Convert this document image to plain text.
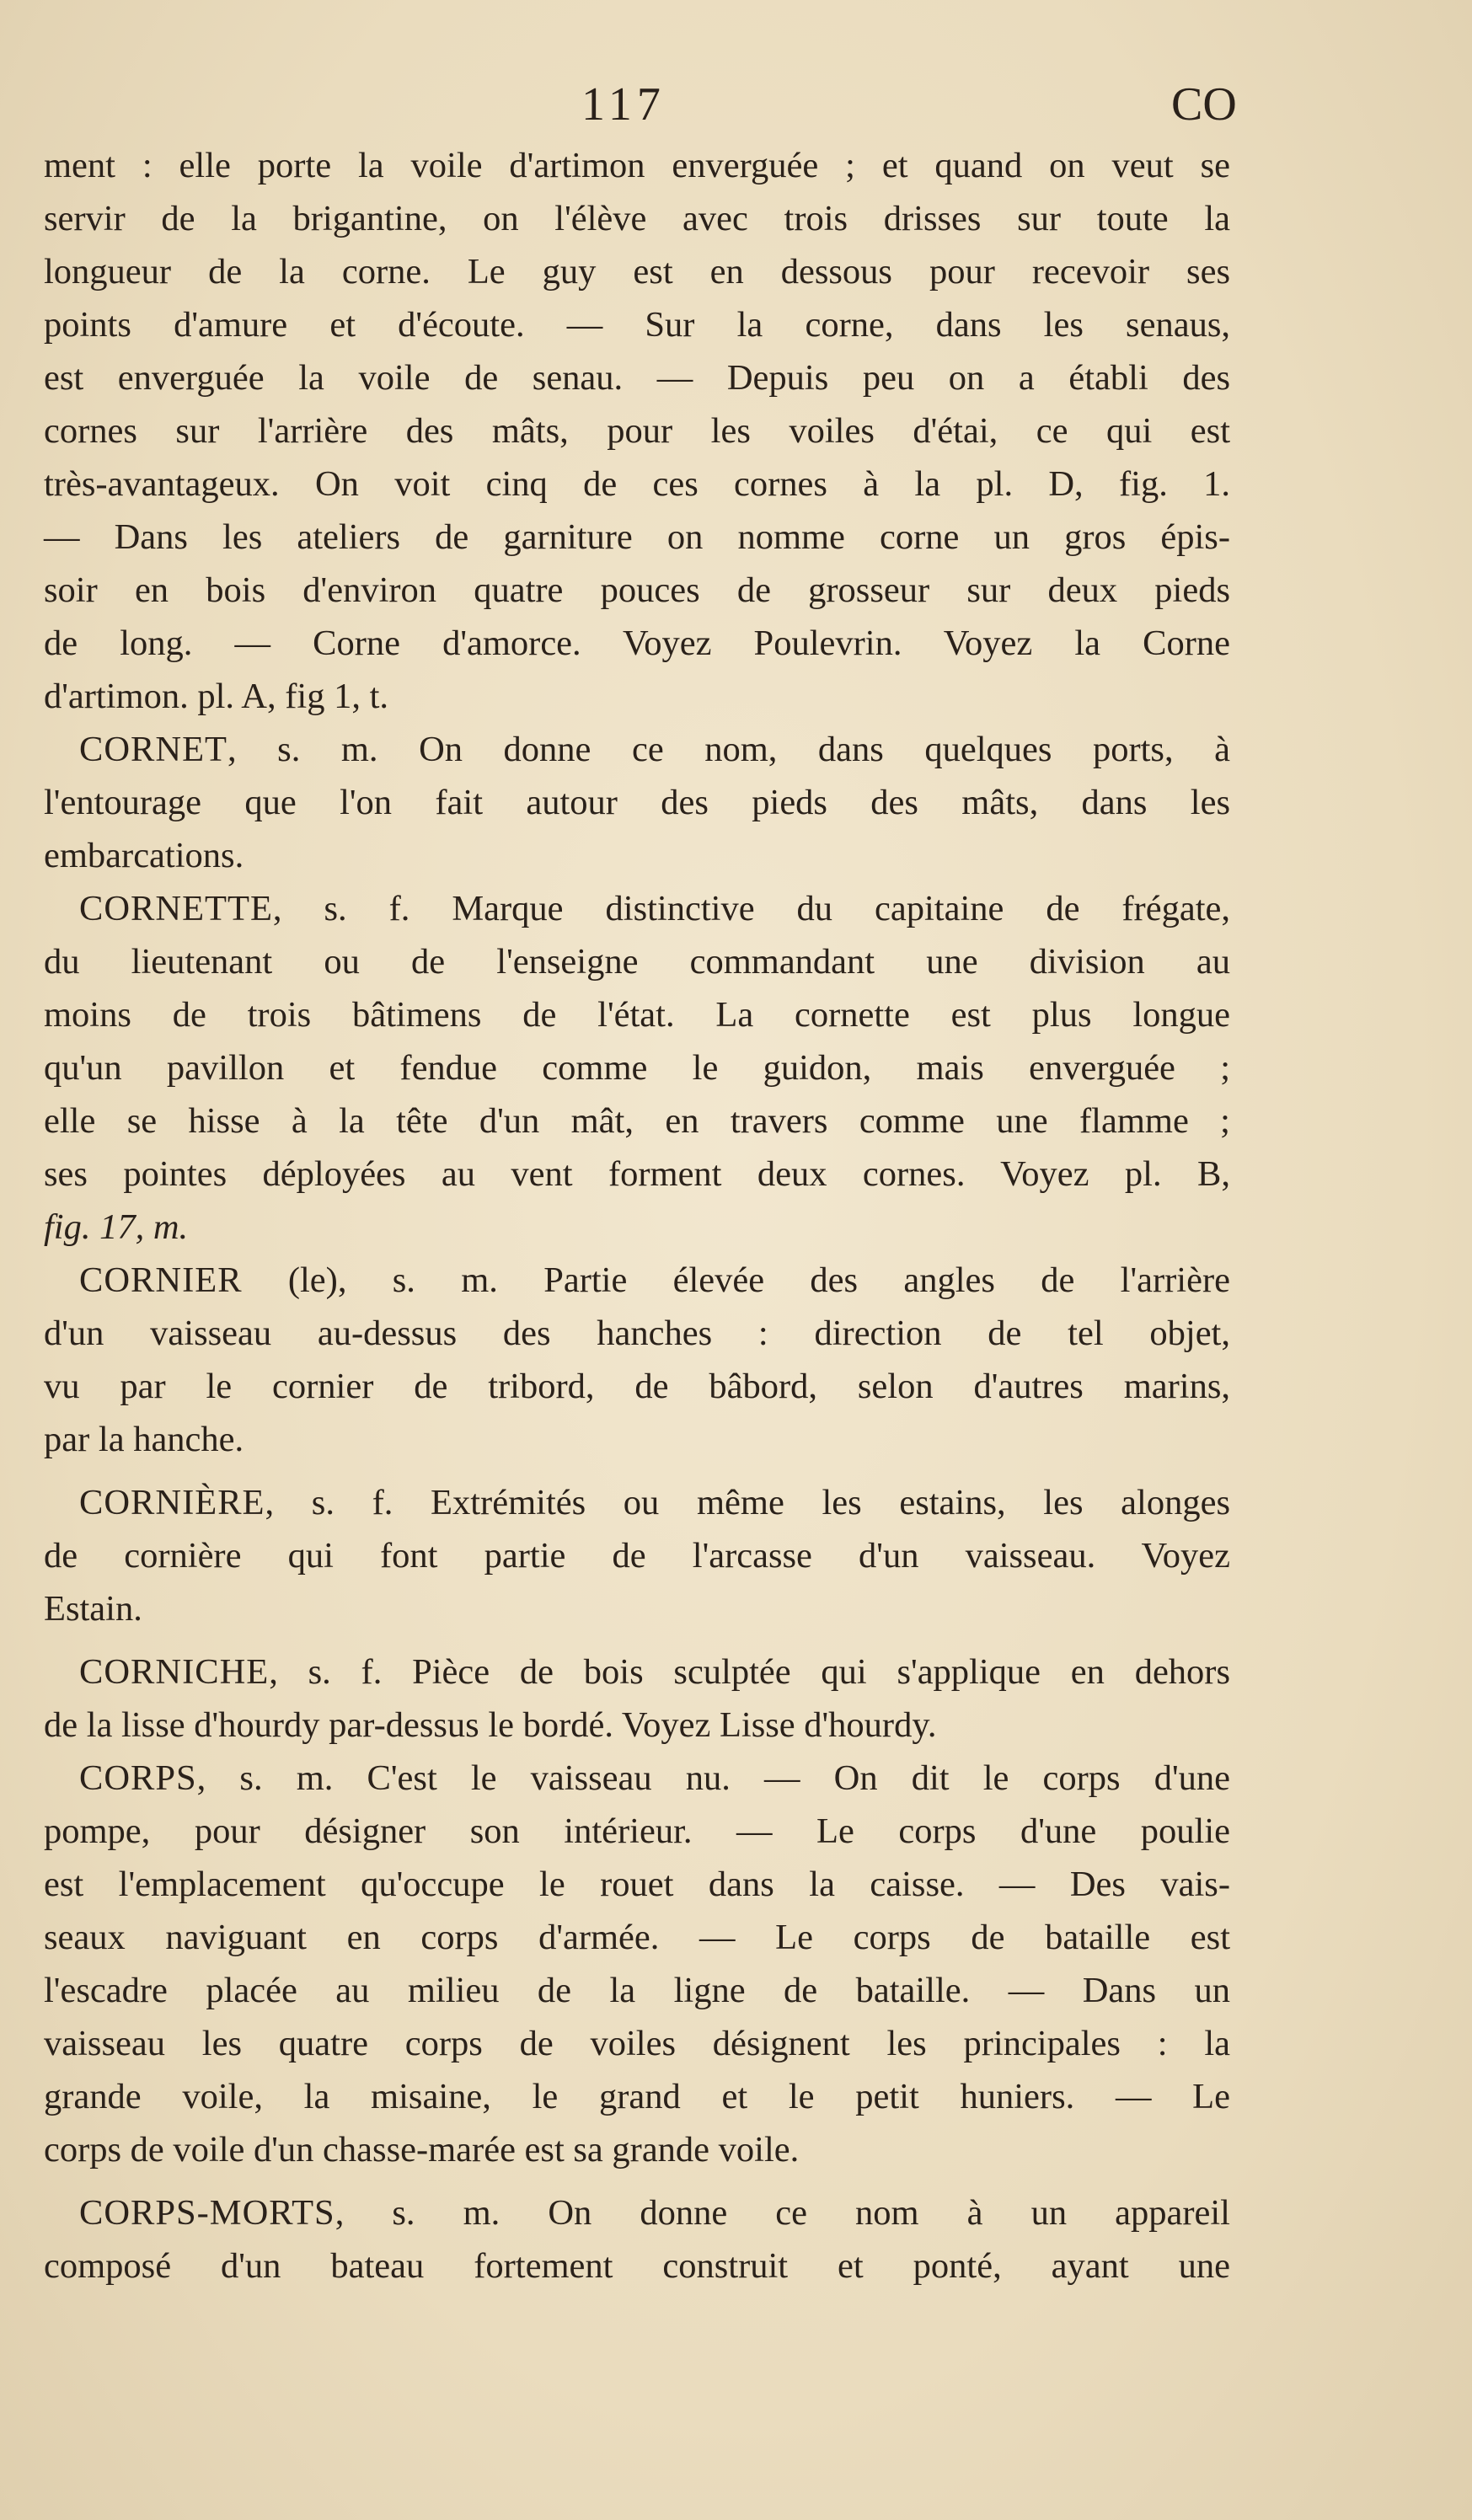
117	CO
ment : elle porte la voile d'artimon enverguée ; et quand on veut se
servir de la brigantine, on l'élève avec trois drisses sur toute la
longueur de la corne. Le guy est en dessous pour recevoir ses
points d'amure et d'écoute. — Sur la corne, dans les senaus,
est enverguée la voile de senau. — Depuis peu on a établi des
cornes sur l'arrière des mâts, pour les voiles d'étai, ce qui est
très-avantageux. On voit cinq de ces cornes à la pl. D, fig. 1.
— Dans les ateliers de garniture on nomme corne un gros épis-
soir en bois d'environ quatre pouces de grosseur sur deux pieds
de long. — Corne d'amorce. Voyez Poulevrin. Voyez la Corne
d'artimon. pl. A, fig 1, t.
CORNET, s. m. On donne ce nom, dans quelques ports, à
l'entourage que l'on fait autour des pieds des mâts, dans les
embarcations.
CORNETTE, s. f. Marque distinctive du capitaine de frégate,
du lieutenant ou de l'enseigne commandant une division au
moins de trois bâtimens de l'état. La cornette est plus longue
qu'un pavillon et fendue comme le guidon, mais enverguée ;
elle se hisse à la tête d'un mât, en travers comme une flamme ;
ses pointes déployées au vent forment deux cornes. Voyez pl. B,
fig. 17, m.
CORNIER (le), s. m. Partie élevée des angles de l'arrière
d'un vaisseau au-dessus des hanches : direction de tel objet,
vu par le cornier de tribord, de bâbord, selon d'autres marins,
par la hanche.
CORNIÈRE, s. f. Extrémités ou même les estains, les alonges
de cornière qui font partie de l'arcasse d'un vaisseau. Voyez
Estain.
CORNICHE, s. f. Pièce de bois sculptée qui s'applique en dehors
de la lisse d'hourdy par-dessus le bordé. Voyez Lisse d'hourdy.
CORPS, s. m. C'est le vaisseau nu. — On dit le corps d'une
pompe, pour désigner son intérieur. — Le corps d'une poulie
est l'emplacement qu'occupe le rouet dans la caisse. — Des vais-
seaux naviguant en corps d'armée. — Le corps de bataille est
l'escadre placée au milieu de la ligne de bataille. — Dans un
vaisseau les quatre corps de voiles désignent les principales : la
grande voile, la misaine, le grand et le petit huniers. — Le
corps de voile d'un chasse-marée est sa grande voile.
CORPS-MORTS, s. m. On donne ce nom à un appareil
composé d'un bateau fortement construit et ponté, ayant une
